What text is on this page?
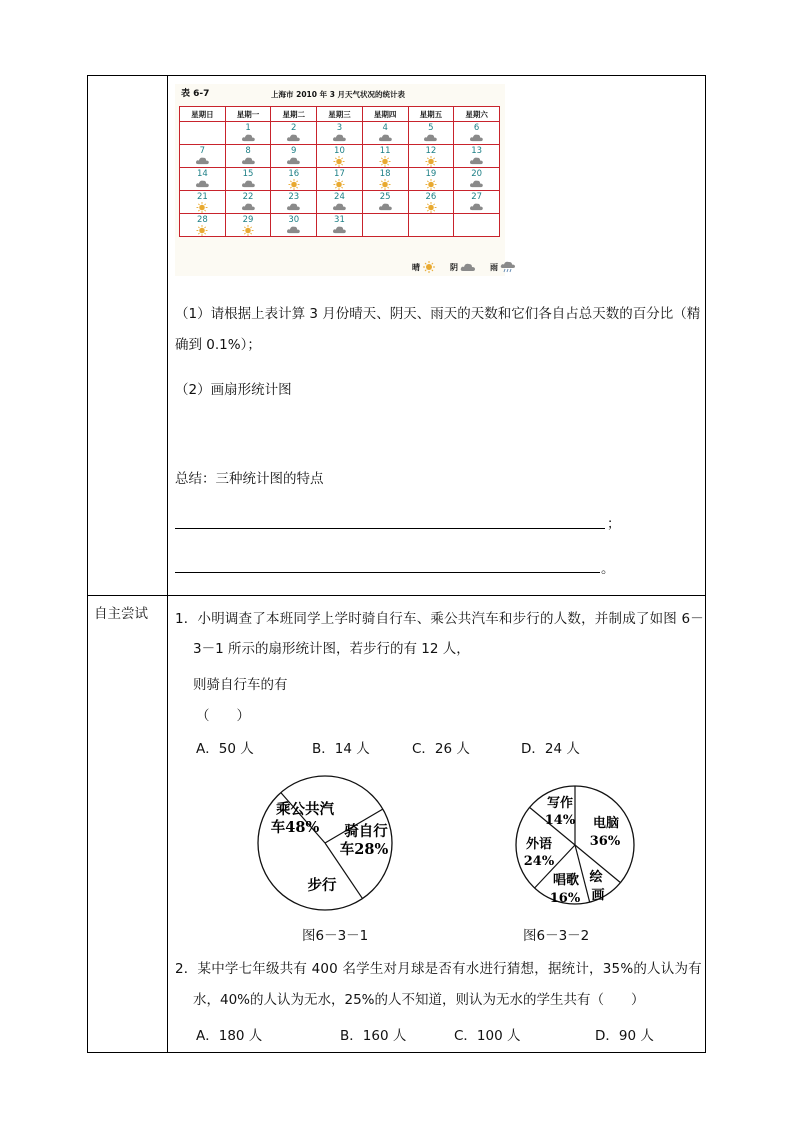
表 6-7	上海市 2010 年 3 月天气状况的统计表
星期日	星期一	星期二	星期三	星期四	星期五	星期六

	1	2	3	4	5	6

7	8	9	10	11	12	13

14	15	16	17	18	19	20

21	22	23	24	25	26	27

28	29	30	31			

晴	阴	雨
（1）请根据上表计算 3 月份晴天、阴天、雨天的天数和它们各自占总天数的百分比（精
确到 0.1%）；
（2）画扇形统计图
总结：三种统计图的特点
；
。
自主尝试 1．小明调查了本班同学上学时骑自行车、乘公共汽车和步行的人数，并制成了如图 6－
3－1 所示的扇形统计图，若步行的有 12 人，
则骑自行车的有
（　　）
A．50 人	B．14 人	C．26 人	D．24 人
乘公共汽
车48% 骑自行
车28%
步行
图6－3－1
写作
14% 电脑
36%
外语
24%
唱歌
16%
绘
画
图6－3－2
2．某中学七年级共有 400 名学生对月球是否有水进行猜想，据统计，35%的人认为有
水，40%的人认为无水，25%的人不知道，则认为无水的学生共有（　　）
A．180 人	B．160 人	C．100 人	D．90 人
